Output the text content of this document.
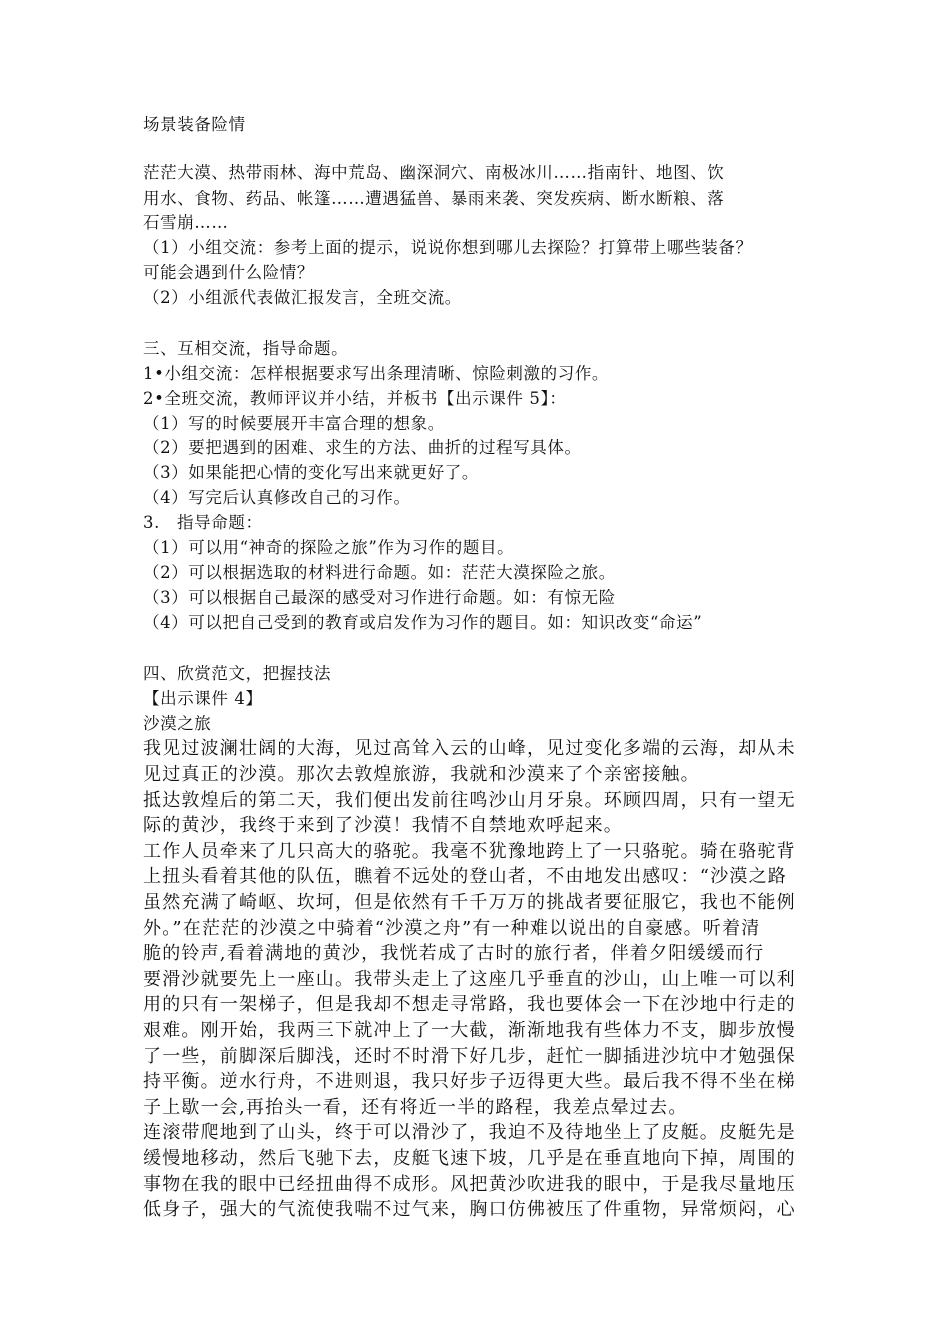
场景装备险情
茫茫大漠、热带雨林、海中荒岛、幽深洞穴、南极冰川……指南针、地图、饮
用水、食物、药品、帐篷……遭遇猛兽、暴雨来袭、突发疾病、断水断粮、落
石雪崩……
（1）小组交流：参考上面的提示，说说你想到哪儿去探险？打算带上哪些装备？
可能会遇到什么险情？
（2）小组派代表做汇报发言，全班交流。
三、互相交流，指导命题。
1•小组交流：怎样根据要求写出条理清晰、惊险刺激的习作。
2•全班交流，教师评议并小结，并板书【出示课件 5】：
（1）写的时候要展开丰富合理的想象。
（2）要把遇到的困难、求生的方法、曲折的过程写具体。
（3）如果能把心情的变化写出来就更好了。
（4）写完后认真修改自己的习作。
3.　指导命题：
（1）可以用“神奇的探险之旅”作为习作的题目。
（2）可以根据选取的材料进行命题。如：茫茫大漠探险之旅。
（3）可以根据自己最深的感受对习作进行命题。如：有惊无险
（4）可以把自己受到的教育或启发作为习作的题目。如：知识改变“命运”
四、欣赏范文，把握技法
【出示课件 4】
沙漠之旅
我见过波澜壮阔的大海，见过高耸入云的山峰，见过变化多端的云海，却从未
见过真正的沙漠。那次去敦煌旅游，我就和沙漠来了个亲密接触。
抵达敦煌后的第二天，我们便出发前往鸣沙山月牙泉。环顾四周，只有一望无
际的黄沙，我终于来到了沙漠！我情不自禁地欢呼起来。
工作人员牵来了几只高大的骆驼。我毫不犹豫地跨上了一只骆驼。骑在骆驼背
上扭头看着其他的队伍，瞧着不远处的登山者，不由地发出感叹：“沙漠之路
虽然充满了崎岖、坎坷，但是依然有千千万万的挑战者要征服它，我也不能例
外。”在茫茫的沙漠之中骑着“沙漠之舟”有一种难以说出的自豪感。听着清
脆的铃声,看着满地的黄沙，我恍若成了古时的旅行者，伴着夕阳缓缓而行
要滑沙就要先上一座山。我带头走上了这座几乎垂直的沙山，山上唯一可以利
用的只有一架梯子，但是我却不想走寻常路，我也要体会一下在沙地中行走的
艰难。刚开始，我两三下就冲上了一大截，渐渐地我有些体力不支，脚步放慢
了一些，前脚深后脚浅，还时不时滑下好几步，赶忙一脚插进沙坑中才勉强保
持平衡。逆水行舟，不进则退，我只好步子迈得更大些。最后我不得不坐在梯
子上歇一会,再抬头一看，还有将近一半的路程，我差点晕过去。
连滚带爬地到了山头，终于可以滑沙了，我迫不及待地坐上了皮艇。皮艇先是
缓慢地移动，然后飞驰下去，皮艇飞速下坡，几乎是在垂直地向下掉，周围的
事物在我的眼中已经扭曲得不成形。风把黄沙吹进我的眼中，于是我尽量地压
低身子，强大的气流使我喘不过气来，胸口仿佛被压了件重物，异常烦闷，心
